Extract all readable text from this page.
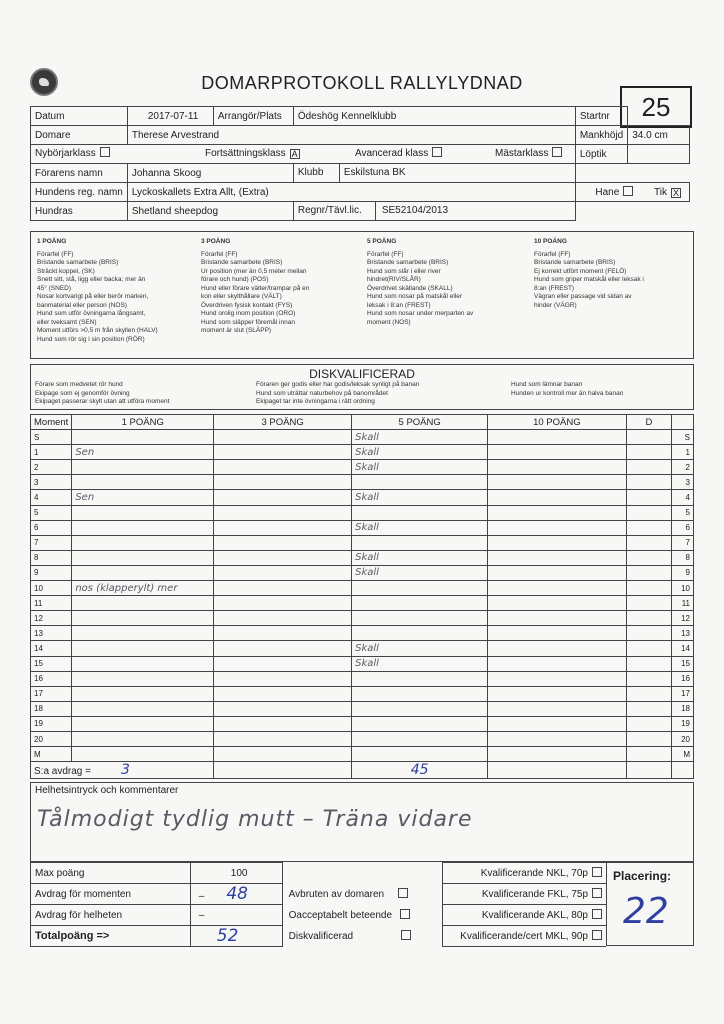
DOMARPROTOKOLL RALLYLYDNAD
25
Datum	2017-07-11	Arrangör/Plats	Ödeshög Kennelklubb	Startnr	
Domare	Therese Arvestrand			Mankhöjd	34.0 cm

Nybörjarklass Fortsättningsklass A Avancerad klass Mästarklass				Löptik	
Förarens namn	Johanna Skoog		Klubb Eskilstuna BK		

Hundens reg. namn	Lyckoskallets Extra Allt, (Extra)			Hane Tik X	
Hundras	Shetland sheepdog		Regnr/Tävl.lic. SE52104/2013		

1 POÄNG
Förarfel (FF)
Bristande samarbete (BRIS)
Sträckt koppel, (SK)
Snett sitt, stå, ligg eller backa; mer än
45° (SNED)
Nosar kortvarigt på eller berör marken,
banmaterial eller person (NOS)
Hund som utför övningarna långsamt,
eller tveksamt (SEN)
Moment utförs >0,5 m från skyllen (HALV)
Hund som rör sig i sin position (RÖR)
3 POÄNG
Förarfel (FF)
Bristande samarbete (BRIS)
Ur position (mer än 0,5 meter mellan
förare och hund) (POS)
Hund eller förare välter/trampar på en
kon eller skylthållare (VÄLT)
Överdriven fysisk kontakt (FYS)
Hund orolig inom position (ORO)
Hund som släpper föremål innan
moment är slut (SLÄPP)
5 POÄNG
Förarfel (FF)
Bristande samarbete (BRIS)
Hund som slår i eller river
hindret(RIV/SLÅR)
Överdrivet skällande (SKALL)
Hund som nosar på matskål eller
leksak i 8:an (FREST)
Hund som nosar under merparten av
moment (NOS)
10 POÄNG
Förarfel (FF)
Bristande samarbete (BRIS)
Ej korrekt utfört moment (FELÖ)
Hund som griper matskål eller leksak i
8:an (FREST)
Vägran eller passage vid sidan av
hinder (VÄGR)
DISKVALIFICERAD
Förare som medvetet rör hund
Ekipage som ej genomför övning
Ekipaget passerar skylt utan att utföra moment
Föraren ger godis eller har godis/leksak synligt på banan
Hund som uträttar naturbehov på banområdet
Ekipaget tar inte övningarna i rätt ordning
Hund som lämnar banan
Hunden ur kontroll mer än halva banan
Moment	1 POÄNG	3 POÄNG	5 POÄNG	10 POÄNG	D	
S			Skall			S
1	Sen		Skall			1
2			Skall			2
3						3
4	Sen		Skall			4
5						5
6			Skall			6
7						7
8			Skall			8
9			Skall			9
10	nos (klapperylt) mer					10
11						11
12						12
13						13
14			Skall			14
15			Skall			15
16						16
17						17
18						18
19						19
20						20
M						M
S:a avdrag = 3			45			
Helhetsintryck och kommentarer
Tålmodigt tydlig mutt – Träna vidare
Max poäng	100		Kvalificerande NKL, 70p
Avdrag för momenten	– 48	Avbruten av domaren	Kvalificerande FKL, 75p
Avdrag för helheten	–	Oacceptabelt beteende	Kvalificerande AKL, 80p
Totalpoäng =>	52	Diskvalificerad	Kvalificerande/cert MKL, 90p
Placering:
22
